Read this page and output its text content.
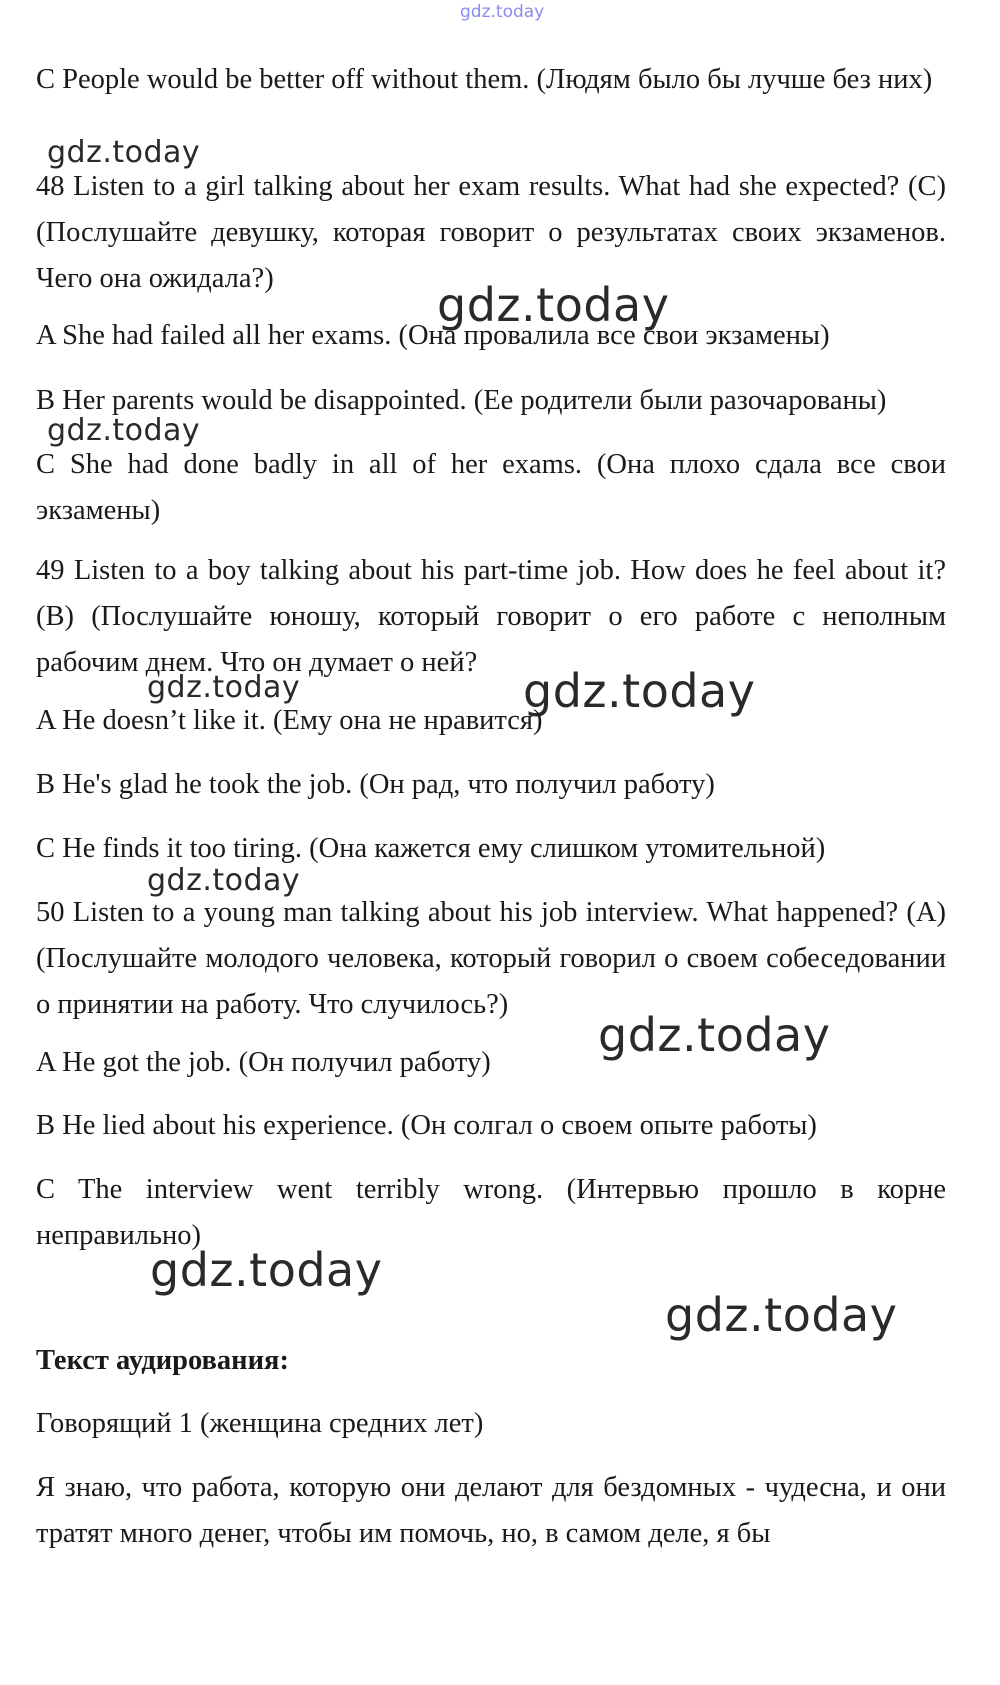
gdz.today
C People would be better off without them. (Людям было бы лучше без них)
gdz.today
48 Listen to a girl talking about her exam results. What had she expected? (C) (Послушайте девушку, которая говорит о результатах своих экзаменов. Чего она ожидала?)	gdz.today
A She had failed all her exams. (Она провалила все свои экзамены)
B Her parents would be disappointed. (Ее родители были разочарованы)
gdz.today
C She had done badly in all of her exams. (Она плохо сдала все свои экзамены)
49 Listen to a boy talking about his part-time job. How does he feel about it? (B) (Послушайте юношу, который говорит о его работе с неполным рабочим днем. Что он думает о ней?
gdz.today	gdz.today
A He doesn’t like it. (Ему она не нравится)
B He's glad he took the job. (Он рад, что получил работу)
C He finds it too tiring. (Она кажется ему слишком утомительной)
gdz.today
50 Listen to a young man talking about his job interview. What happened? (A) (Послушайте молодого человека, который говорил о своем собеседовании о принятии на работу. Что случилось?)
gdz.today
A He got the job. (Он получил работу)
B He lied about his experience. (Он солгал о своем опыте работы)
C The interview went terribly wrong. (Интервью прошло в корне неправильно)
gdz.today
gdz.today
Текст аудирования:
Говорящий 1 (женщина средних лет)
Я знаю, что работа, которую они делают для бездомных - чудесна, и они тратят много денег, чтобы им помочь, но, в самом деле, я бы
